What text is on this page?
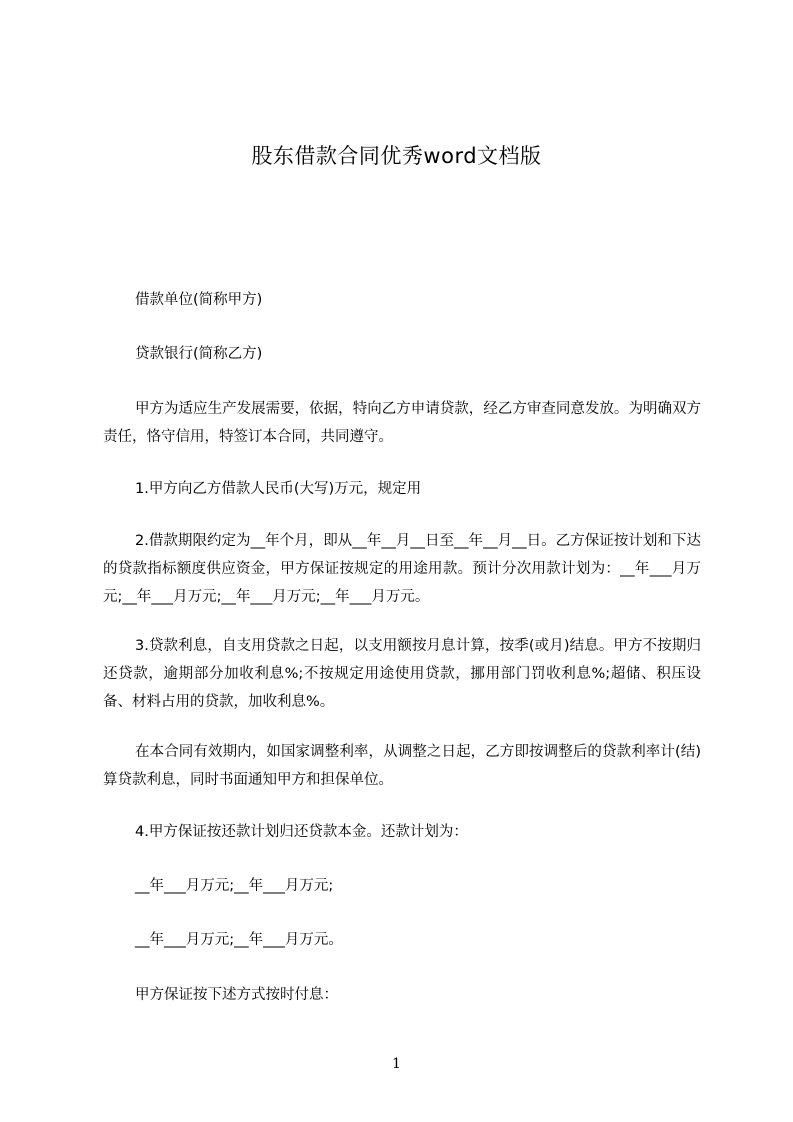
股东借款合同优秀word文档版

借款单位(简称甲方)

贷款银行(简称乙方)

甲方为适应生产发展需要，依据，特向乙方申请贷款，经乙方审查同意发放。为明确双方责任，恪守信用，特签订本合同，共同遵守。

1.甲方向乙方借款人民币(大写)万元，规定用

2.借款期限约定为__年个月，即从__年__月__日至__年__月__日。乙方保证按计划和下达的贷款指标额度供应资金，甲方保证按规定的用途用款。预计分次用款计划为：__年___月万元;__年___月万元;__年___月万元;__年___月万元。

3.贷款利息，自支用贷款之日起，以支用额按月息计算，按季(或月)结息。甲方不按期归还贷款，逾期部分加收利息%;不按规定用途使用贷款，挪用部门罚收利息%;超储、积压设备、材料占用的贷款，加收利息%。

在本合同有效期内，如国家调整利率，从调整之日起，乙方即按调整后的贷款利率计(结)算贷款利息，同时书面通知甲方和担保单位。

4.甲方保证按还款计划归还贷款本金。还款计划为：

__年___月万元;__年___月万元;

__年___月万元;__年___月万元。

甲方保证按下述方式按时付息：

1
